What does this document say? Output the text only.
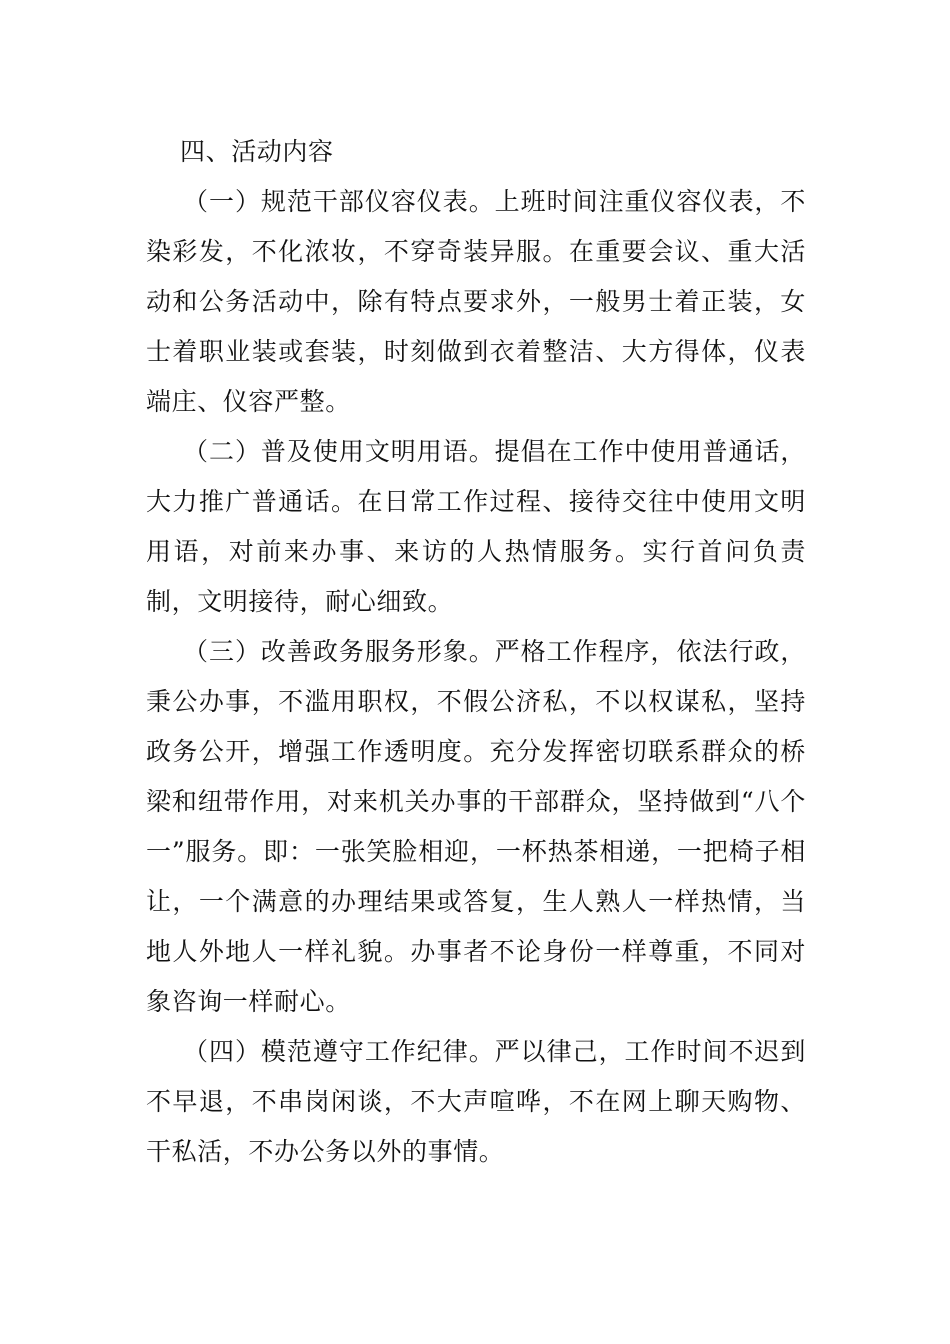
四、活动内容

（一）规范干部仪容仪表。上班时间注重仪容仪表，不染彩发，不化浓妆，不穿奇装异服。在重要会议、重大活动和公务活动中，除有特点要求外，一般男士着正装，女士着职业装或套装，时刻做到衣着整洁、大方得体，仪表端庄、仪容严整。

（二）普及使用文明用语。提倡在工作中使用普通话，大力推广普通话。在日常工作过程、接待交往中使用文明用语，对前来办事、来访的人热情服务。实行首问负责制，文明接待，耐心细致。

（三）改善政务服务形象。严格工作程序，依法行政，秉公办事，不滥用职权，不假公济私，不以权谋私，坚持政务公开，增强工作透明度。充分发挥密切联系群众的桥梁和纽带作用，对来机关办事的干部群众，坚持做到“八个一”服务。即：一张笑脸相迎，一杯热茶相递，一把椅子相让，一个满意的办理结果或答复，生人熟人一样热情，当地人外地人一样礼貌。办事者不论身份一样尊重，不同对象咨询一样耐心。

（四）模范遵守工作纪律。严以律己，工作时间不迟到不早退，不串岗闲谈，不大声喧哗，不在网上聊天购物、干私活，不办公务以外的事情。
